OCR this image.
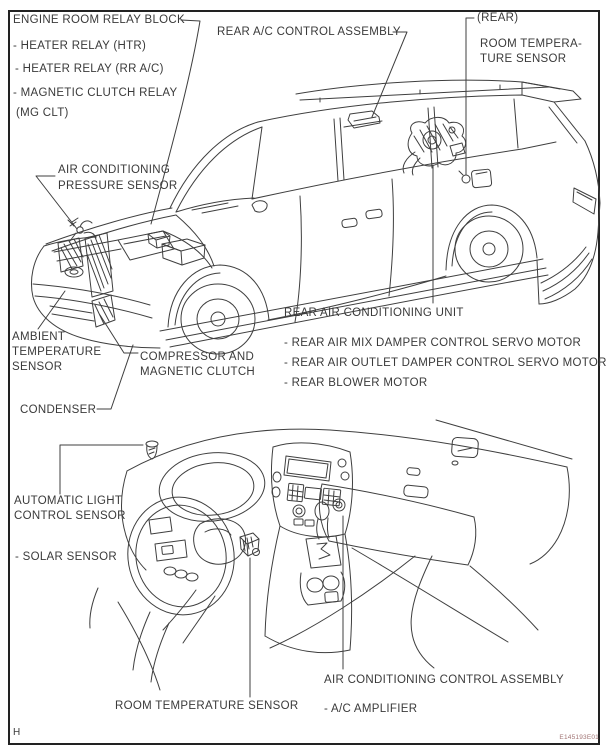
ENGINE ROOM RELAY BLOCK
- HEATER RELAY (HTR)
- HEATER RELAY (RR A/C)
- MAGNETIC CLUTCH RELAY
(MG CLT)
REAR A/C CONTROL ASSEMBLY
(REAR)
ROOM TEMPERA-
TURE SENSOR
AIR CONDITIONING
PRESSURE SENSOR
AMBIENT
TEMPERATURE
SENSOR
COMPRESSOR AND
MAGNETIC CLUTCH
CONDENSER
REAR AIR CONDITIONING UNIT
- REAR AIR MIX DAMPER CONTROL SERVO MOTOR
- REAR AIR OUTLET DAMPER CONTROL SERVO MOTOR
- REAR BLOWER MOTOR
AUTOMATIC LIGHT
CONTROL SENSOR
- SOLAR SENSOR
AIR CONDITIONING CONTROL ASSEMBLY
- A/C AMPLIFIER
ROOM TEMPERATURE SENSOR
H	E145193E01
